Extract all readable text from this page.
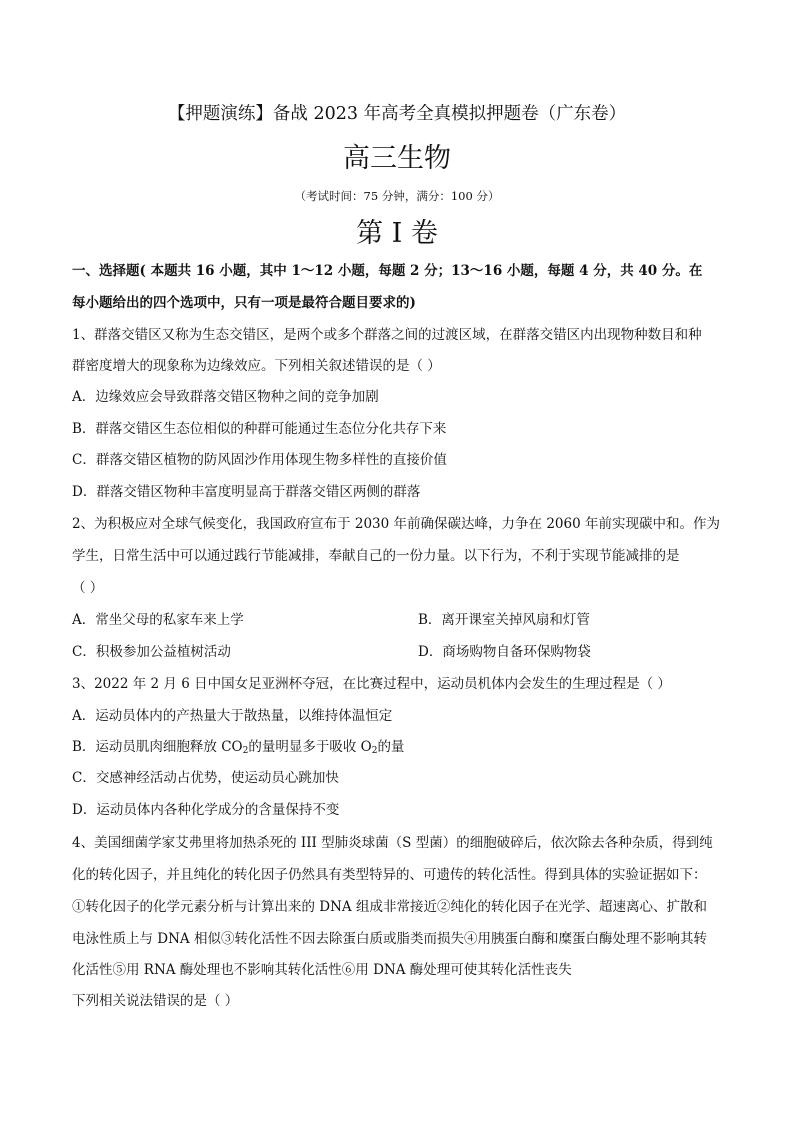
【押题演练】备战 2023 年高考全真模拟押题卷（广东卷）
高三生物
（考试时间：75 分钟，满分：100 分）
第 I 卷
一、选择题( 本题共 16 小题，其中 1～12 小题，每题 2 分；13～16 小题，每题 4 分，共 40 分。在
每小题给出的四个选项中，只有一项是最符合题目要求的)
1、群落交错区又称为生态交错区，是两个或多个群落之间的过渡区域，在群落交错区内出现物种数目和种
群密度增大的现象称为边缘效应。下列相关叙述错误的是（ ）
A．边缘效应会导致群落交错区物种之间的竞争加剧
B．群落交错区生态位相似的种群可能通过生态位分化共存下来
C．群落交错区植物的防风固沙作用体现生物多样性的直接价值
D．群落交错区物种丰富度明显高于群落交错区两侧的群落
2、为积极应对全球气候变化，我国政府宣布于 2030 年前确保碳达峰，力争在 2060 年前实现碳中和。作为
学生，日常生活中可以通过践行节能减排，奉献自己的一份力量。以下行为，不利于实现节能减排的是
（ ）
A．常坐父母的私家车来上学	B．离开课室关掉风扇和灯管
C．积极参加公益植树活动	D．商场购物自备环保购物袋
3、2022 年 2 月 6 日中国女足亚洲杯夺冠，在比赛过程中，运动员机体内会发生的生理过程是（ ）
A．运动员体内的产热量大于散热量，以维持体温恒定
B．运动员肌肉细胞释放 $CO_2$的量明显多于吸收 $O_2$的量
C．交感神经活动占优势，使运动员心跳加快
D．运动员体内各种化学成分的含量保持不变
4、美国细菌学家艾弗里将加热杀死的 III 型肺炎球菌（S 型菌）的细胞破碎后，依次除去各种杂质，得到纯
化的转化因子，并且纯化的转化因子仍然具有类型特异的、可遗传的转化活性。得到具体的实验证据如下：
①转化因子的化学元素分析与计算出来的 DNA 组成非常接近②纯化的转化因子在光学、超速离心、扩散和
电泳性质上与 DNA 相似③转化活性不因去除蛋白质或脂类而损失④用胰蛋白酶和糜蛋白酶处理不影响其转
化活性⑤用 RNA 酶处理也不影响其转化活性⑥用 DNA 酶处理可使其转化活性丧失
下列相关说法错误的是（ ）
